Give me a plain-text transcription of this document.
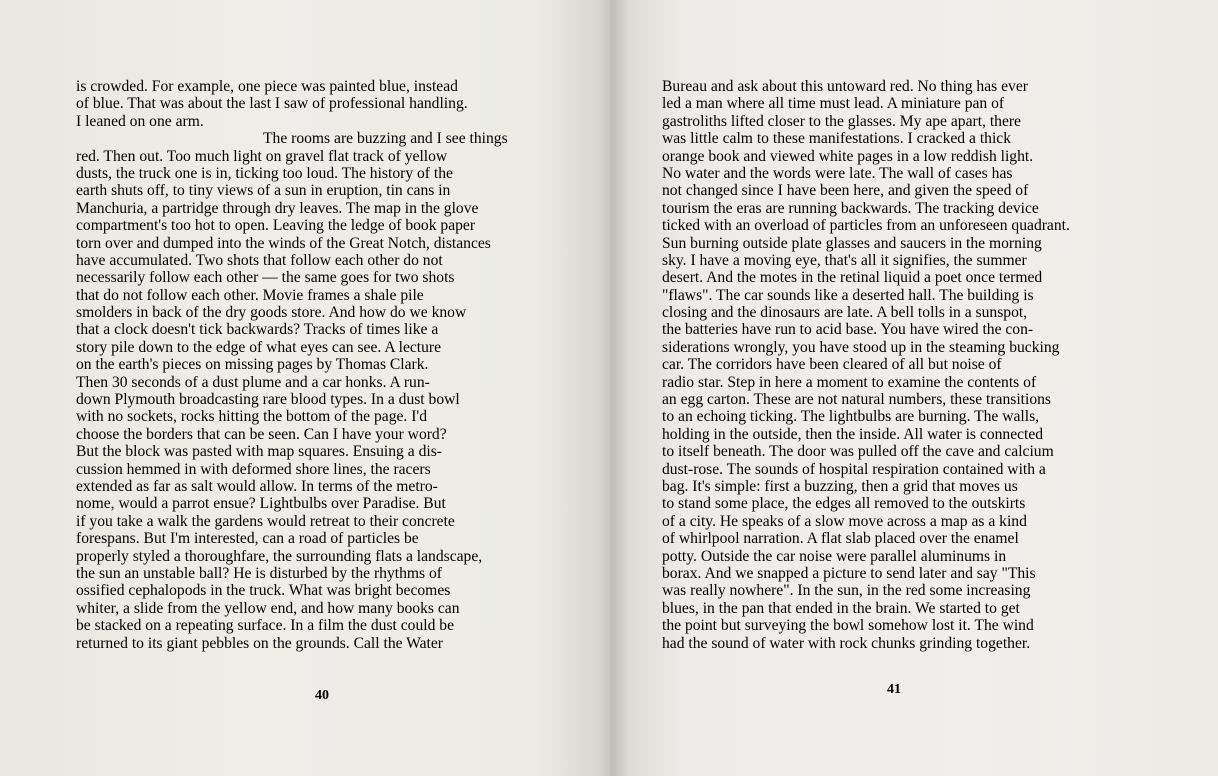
is crowded. For example, one piece was painted blue, instead
of blue. That was about the last I saw of professional handling.
I leaned on one arm.
The rooms are buzzing and I see things
red. Then out. Too much light on gravel flat track of yellow
dusts, the truck one is in, ticking too loud. The history of the
earth shuts off, to tiny views of a sun in eruption, tin cans in
Manchuria, a partridge through dry leaves. The map in the glove
compartment's too hot to open. Leaving the ledge of book paper
torn over and dumped into the winds of the Great Notch, distances
have accumulated. Two shots that follow each other do not
necessarily follow each other — the same goes for two shots
that do not follow each other. Movie frames a shale pile
smolders in back of the dry goods store. And how do we know
that a clock doesn't tick backwards? Tracks of times like a
story pile down to the edge of what eyes can see. A lecture
on the earth's pieces on missing pages by Thomas Clark.
Then 30 seconds of a dust plume and a car honks. A run-
down Plymouth broadcasting rare blood types. In a dust bowl
with no sockets, rocks hitting the bottom of the page. I'd
choose the borders that can be seen. Can I have your word?
But the block was pasted with map squares. Ensuing a dis-
cussion hemmed in with deformed shore lines, the racers
extended as far as salt would allow. In terms of the metro-
nome, would a parrot ensue? Lightbulbs over Paradise. But
if you take a walk the gardens would retreat to their concrete
forespans. But I'm interested, can a road of particles be
properly styled a thoroughfare, the surrounding flats a landscape,
the sun an unstable ball? He is disturbed by the rhythms of
ossified cephalopods in the truck. What was bright becomes
whiter, a slide from the yellow end, and how many books can
be stacked on a repeating surface. In a film the dust could be
returned to its giant pebbles on the grounds. Call the Water
40
Bureau and ask about this untoward red. No thing has ever
led a man where all time must lead. A miniature pan of
gastroliths lifted closer to the glasses. My ape apart, there
was little calm to these manifestations. I cracked a thick
orange book and viewed white pages in a low reddish light.
No water and the words were late. The wall of cases has
not changed since I have been here, and given the speed of
tourism the eras are running backwards. The tracking device
ticked with an overload of particles from an unforeseen quadrant.
Sun burning outside plate glasses and saucers in the morning
sky. I have a moving eye, that's all it signifies, the summer
desert. And the motes in the retinal liquid a poet once termed
"flaws". The car sounds like a deserted hall. The building is
closing and the dinosaurs are late. A bell tolls in a sunspot,
the batteries have run to acid base. You have wired the con-
siderations wrongly, you have stood up in the steaming bucking
car. The corridors have been cleared of all but noise of
radio star. Step in here a moment to examine the contents of
an egg carton. These are not natural numbers, these transitions
to an echoing ticking. The lightbulbs are burning. The walls,
holding in the outside, then the inside. All water is connected
to itself beneath. The door was pulled off the cave and calcium
dust-rose. The sounds of hospital respiration contained with a
bag. It's simple: first a buzzing, then a grid that moves us
to stand some place, the edges all removed to the outskirts
of a city. He speaks of a slow move across a map as a kind
of whirlpool narration. A flat slab placed over the enamel
potty. Outside the car noise were parallel aluminums in
borax. And we snapped a picture to send later and say "This
was really nowhere". In the sun, in the red some increasing
blues, in the pan that ended in the brain. We started to get
the point but surveying the bowl somehow lost it. The wind
had the sound of water with rock chunks grinding together.
41
